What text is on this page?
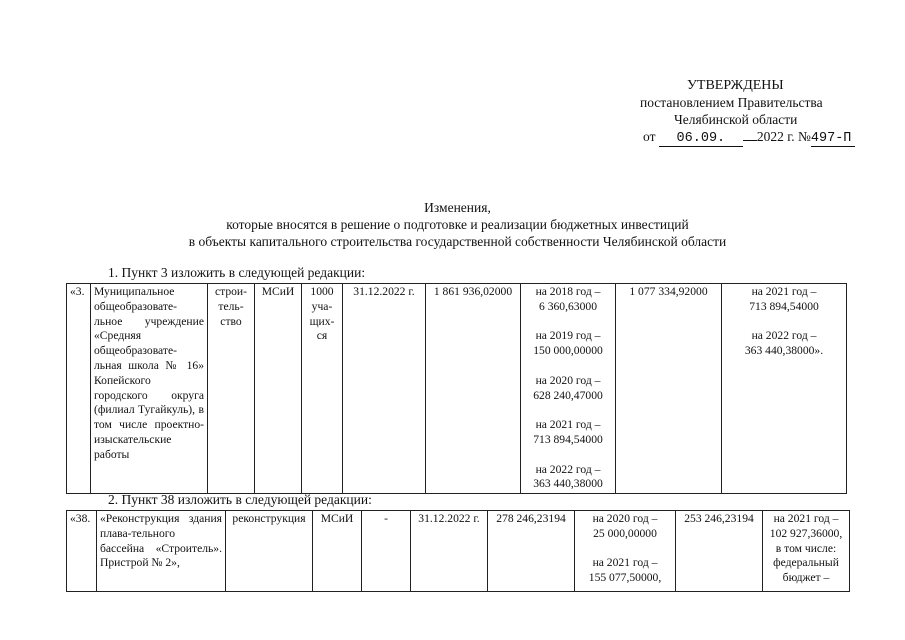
УТВЕРЖДЕНЫ
постановлением Правительства
Челябинской области
от 06.09. 2022 г. №497-П
Изменения,
которые вносятся в решение о подготовке и реализации бюджетных инвестиций
в объекты капитального строительства государственной собственности Челябинской области
1. Пункт 3 изложить в следующей редакции:
«3.	Муниципальное общеобразовате-льное учреждение «Средняя общеобразовате-льная школа № 16» Копейского городского округа (филиал Тугайкуль), в том числе проектно-изыскательские работы	строи-
тель-
ство	МСиИ	1000
уча-
щих-
ся	31.12.2022 г.	1 861 936,02000	на 2018 год –
6 360,63000

на 2019 год –
150 000,00000

на 2020 год –
628 240,47000

на 2021 год –
713 894,54000

на 2022 год –
363 440,38000	1 077 334,92000	на 2021 год –
713 894,54000

на 2022 год –
363 440,38000».
2. Пункт 38 изложить в следующей редакции:
«38.	«Реконструкция здания плава-тельного бассейна «Строитель». Пристрой № 2»,	реконструкция	МСиИ	-	31.12.2022 г.	278 246,23194	на 2020 год –
25 000,00000

на 2021 год –
155 077,50000,	253 246,23194	на 2021 год –
102 927,36000,
в том числе:
федеральный
бюджет –
